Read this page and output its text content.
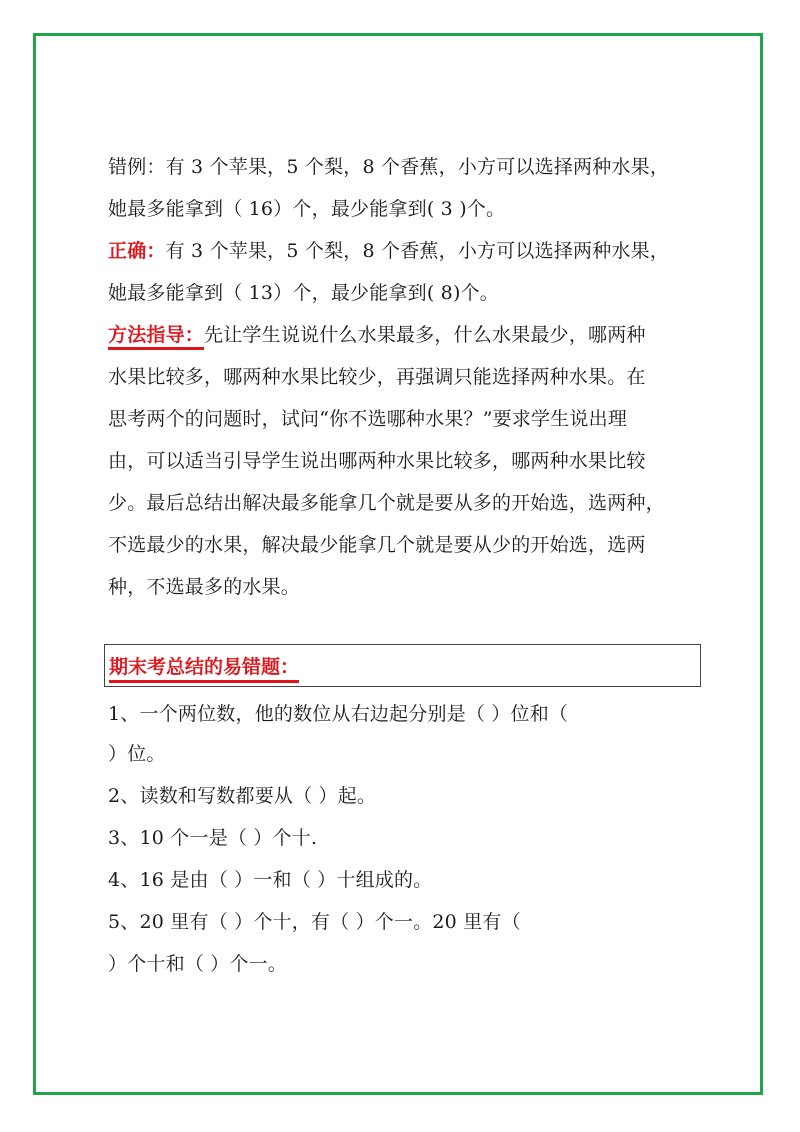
错例：有 3 个苹果，5 个梨，8 个香蕉，小方可以选择两种水果，
她最多能拿到（ 16）个，最少能拿到( 3 )个。
正确：有 3 个苹果，5 个梨，8 个香蕉，小方可以选择两种水果，
她最多能拿到（ 13）个，最少能拿到( 8)个。
方法指导：先让学生说说什么水果最多，什么水果最少，哪两种
水果比较多，哪两种水果比较少，再强调只能选择两种水果。在
思考两个的问题时，试问“你不选哪种水果？”要求学生说出理
由，可以适当引导学生说出哪两种水果比较多，哪两种水果比较
少。最后总结出解决最多能拿几个就是要从多的开始选，选两种，
不选最少的水果，解决最少能拿几个就是要从少的开始选，选两
种，不选最多的水果。
期末考总结的易错题：
1、一个两位数，他的数位从右边起分别是（ ）位和（
）位。
2、读数和写数都要从（ ）起。
3、10 个一是（ ）个十.
4、16 是由（ ）一和（ ）十组成的。
5、20 里有（ ）个十，有（ ）个一。20 里有（
）个十和（ ）个一。
